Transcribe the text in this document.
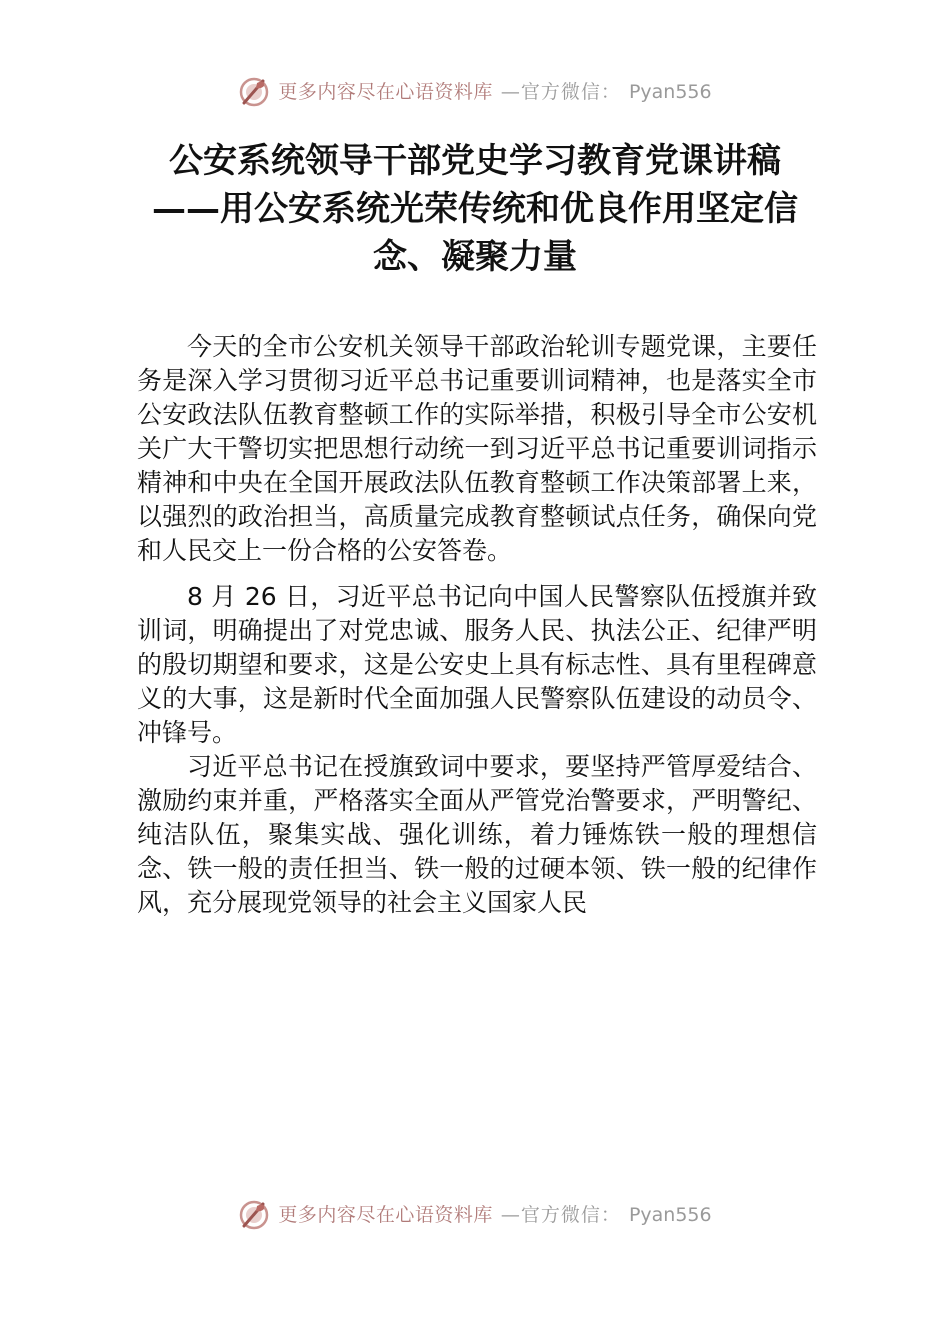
更多内容尽在心语资料库 —官方微信： Pyan556
公安系统领导干部党史学习教育党课讲稿
——用公安系统光荣传统和优良作用坚定信
念、凝聚力量

今天的全市公安机关领导干部政治轮训专题党课，主要任务是深入学习贯彻习近平总书记重要训词精神，也是落实全市公安政法队伍教育整顿工作的实际举措，积极引导全市公安机关广大干警切实把思想行动统一到习近平总书记重要训词指示精神和中央在全国开展政法队伍教育整顿工作决策部署上来，以强烈的政治担当，高质量完成教育整顿试点任务，确保向党和人民交上一份合格的公安答卷。

8 月 26 日，习近平总书记向中国人民警察队伍授旗并致训词，明确提出了对党忠诚、服务人民、执法公正、纪律严明的殷切期望和要求，这是公安史上具有标志性、具有里程碑意义的大事，这是新时代全面加强人民警察队伍建设的动员令、冲锋号。

习近平总书记在授旗致词中要求，要坚持严管厚爱结合、激励约束并重，严格落实全面从严管党治警要求，严明警纪、纯洁队伍，聚集实战、强化训练，着力锤炼铁一般的理想信念、铁一般的责任担当、铁一般的过硬本领、铁一般的纪律作风，充分展现党领导的社会主义国家人民

更多内容尽在心语资料库 —官方微信： Pyan556
